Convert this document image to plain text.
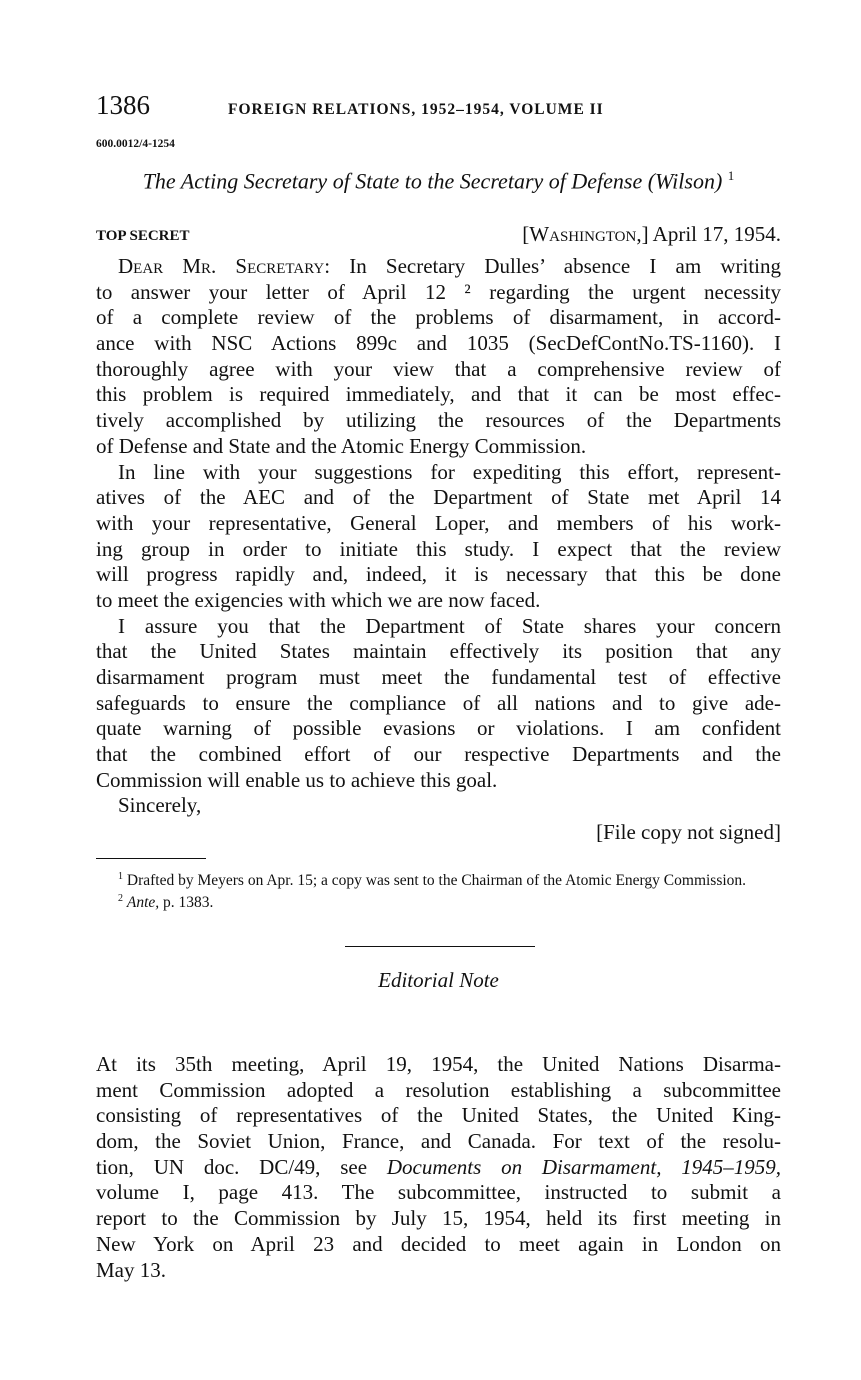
1386	FOREIGN RELATIONS, 1952–1954, VOLUME II
600.0012/4-1254
The Acting Secretary of State to the Secretary of Defense (Wilson) $^1$
TOP SECRET	[Washington,] April 17, 1954.
Dear Mr. Secretary: In Secretary Dulles’ absence I am writing
to answer your letter of April 12 ² regarding the urgent necessity
of a complete review of the problems of disarmament, in accord-
ance with NSC Actions 899c and 1035 (SecDefContNo.TS-1160). I
thoroughly agree with your view that a comprehensive review of
this problem is required immediately, and that it can be most effec-
tively accomplished by utilizing the resources of the Departments
of Defense and State and the Atomic Energy Commission.
In line with your suggestions for expediting this effort, represent-
atives of the AEC and of the Department of State met April 14
with your representative, General Loper, and members of his work-
ing group in order to initiate this study. I expect that the review
will progress rapidly and, indeed, it is necessary that this be done
to meet the exigencies with which we are now faced.
I assure you that the Department of State shares your concern
that the United States maintain effectively its position that any
disarmament program must meet the fundamental test of effective
safeguards to ensure the compliance of all nations and to give ade-
quate warning of possible evasions or violations. I am confident
that the combined effort of our respective Departments and the
Commission will enable us to achieve this goal.
Sincerely,
[File copy not signed]
$^1$ Drafted by Meyers on Apr. 15; a copy was sent to the Chairman of the Atomic Energy Commission.
$^2$ Ante, p. 1383.
Editorial Note
At its 35th meeting, April 19, 1954, the United Nations Disarma-
ment Commission adopted a resolution establishing a subcommittee
consisting of representatives of the United States, the United King-
dom, the Soviet Union, France, and Canada. For text of the resolu-
tion, UN doc. DC/49, see Documents on Disarmament, 1945–1959,
volume I, page 413. The subcommittee, instructed to submit a
report to the Commission by July 15, 1954, held its first meeting in
New York on April 23 and decided to meet again in London on
May 13.
